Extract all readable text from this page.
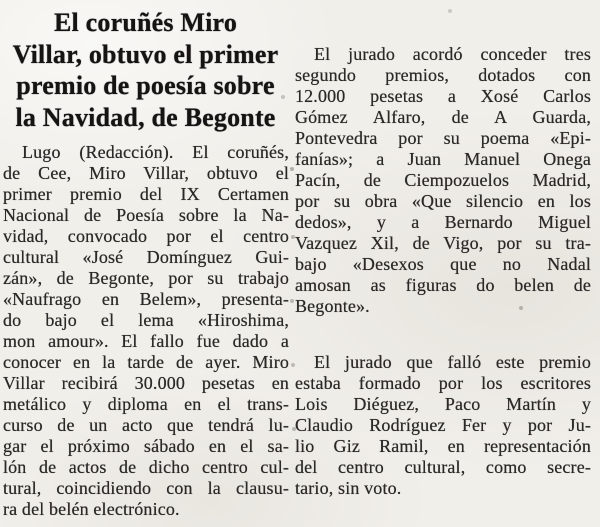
El coruñés Miro
Villar, obtuvo el primer
premio de poesía sobre
la Navidad, de Begonte
Lugo (Redacción). El coruñés,
de Cee, Miro Villar, obtuvo el
primer premio del IX Certamen
Nacional de Poesía sobre la Na-
vidad, convocado por el centro
cultural «José Domínguez Gui-
zán», de Begonte, por su trabajo
«Naufrago en Belem», presenta-
do bajo el lema «Hiroshima,
mon amour». El fallo fue dado a
conocer en la tarde de ayer. Miro
Villar recibirá 30.000 pesetas en
metálico y diploma en el trans-
curso de un acto que tendrá lu-
gar el próximo sábado en el sa-
lón de actos de dicho centro cul-
tural, coincidiendo con la clausu-
ra del belén electrónico.
El jurado acordó conceder tres
segundo premios, dotados con
12.000 pesetas a Xosé Carlos
Gómez Alfaro, de A Guarda,
Pontevedra por su poema «Epi-
fanías»; a Juan Manuel Onega
Pacín, de Ciempozuelos Madrid,
por su obra «Que silencio en los
dedos», y a Bernardo Miguel
Vazquez Xil, de Vigo, por su tra-
bajo «Desexos que no Nadal
amosan as figuras do belen de
Begonte».
El jurado que falló este premio
estaba formado por los escritores
Lois Diéguez, Paco Martín y
Claudio Rodríguez Fer y por Ju-
lio Giz Ramil, en representación
del centro cultural, como secre-
tario, sin voto.
